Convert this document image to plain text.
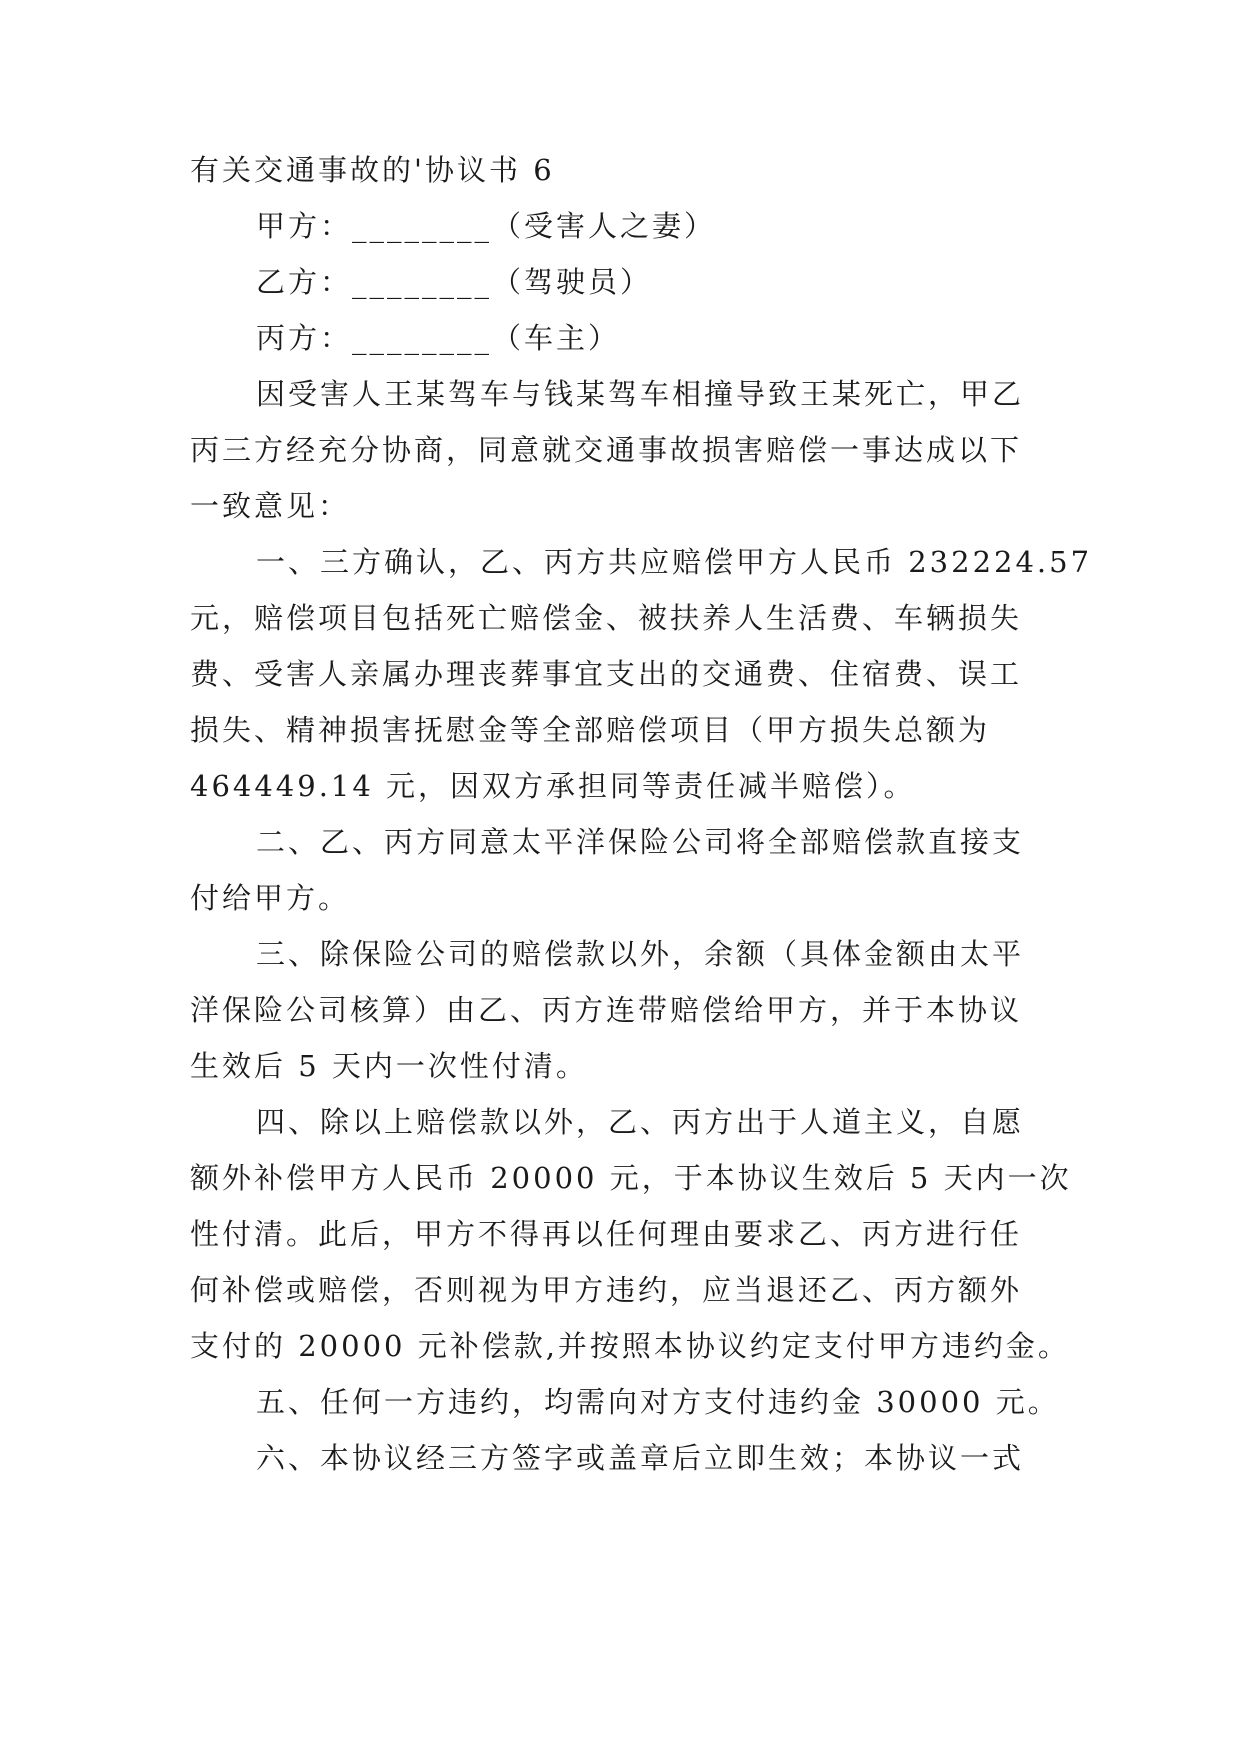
有关交通事故的'协议书 6
甲方：________（受害人之妻）
乙方：________（驾驶员）
丙方：________（车主）
因受害人王某驾车与钱某驾车相撞导致王某死亡，甲乙
丙三方经充分协商，同意就交通事故损害赔偿一事达成以下
一致意见：
一、三方确认，乙、丙方共应赔偿甲方人民币 232224.57
元，赔偿项目包括死亡赔偿金、被扶养人生活费、车辆损失
费、受害人亲属办理丧葬事宜支出的交通费、住宿费、误工
损失、精神损害抚慰金等全部赔偿项目（甲方损失总额为
464449.14 元，因双方承担同等责任减半赔偿）。
二、乙、丙方同意太平洋保险公司将全部赔偿款直接支
付给甲方。
三、除保险公司的赔偿款以外，余额（具体金额由太平
洋保险公司核算）由乙、丙方连带赔偿给甲方，并于本协议
生效后 5 天内一次性付清。
四、除以上赔偿款以外，乙、丙方出于人道主义，自愿
额外补偿甲方人民币 20000 元，于本协议生效后 5 天内一次
性付清。此后，甲方不得再以任何理由要求乙、丙方进行任
何补偿或赔偿，否则视为甲方违约，应当退还乙、丙方额外
支付的 20000 元补偿款,并按照本协议约定支付甲方违约金。
五、任何一方违约，均需向对方支付违约金 30000 元。
六、本协议经三方签字或盖章后立即生效；本协议一式
